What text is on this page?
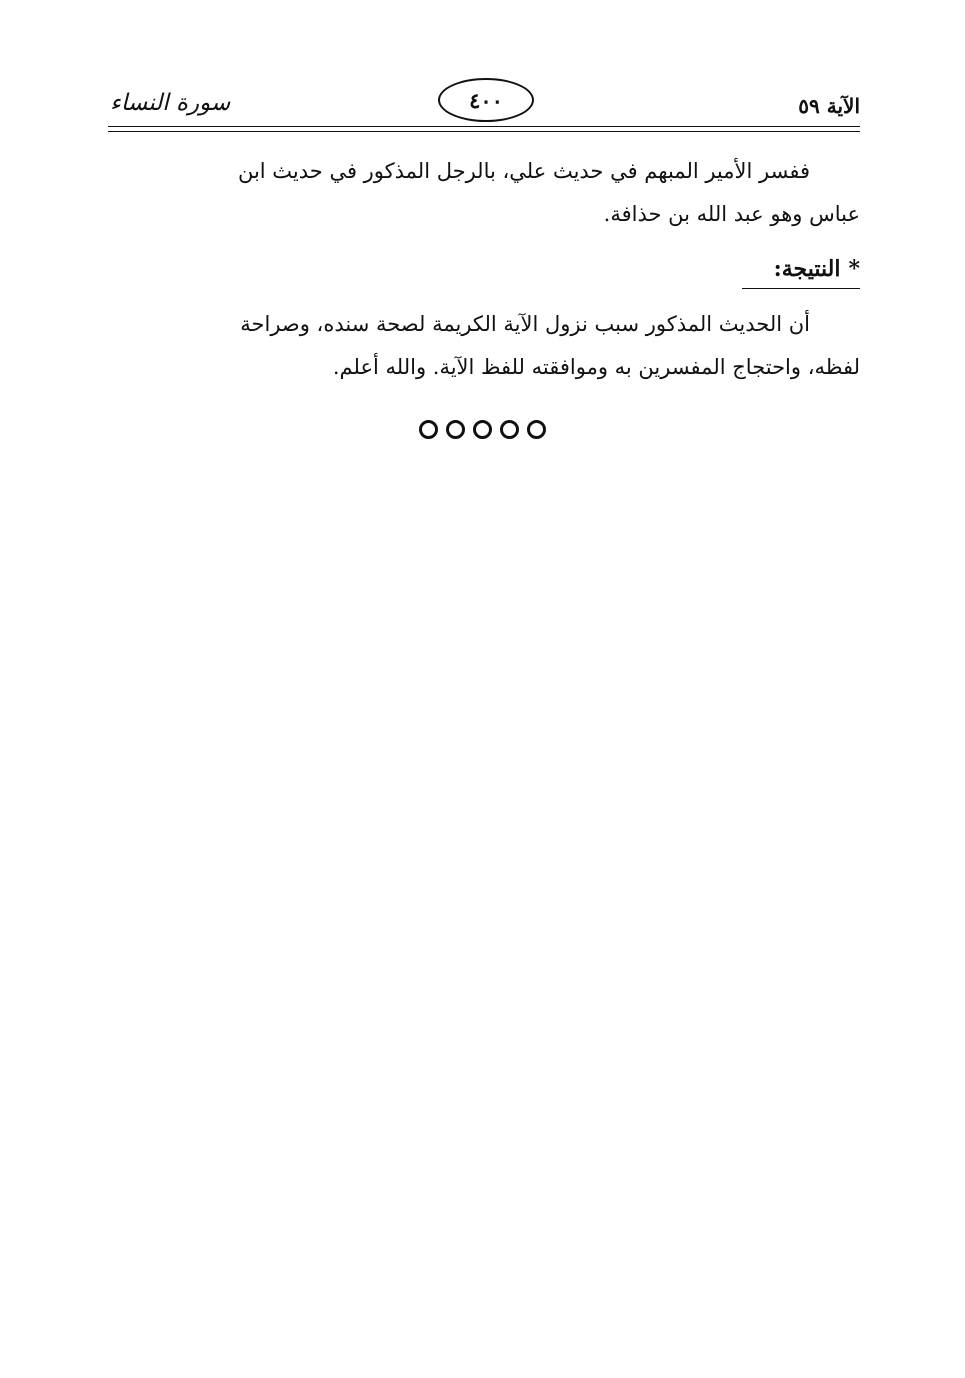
الآية ٥٩
٤٠٠
سورة النساء
ففسر الأمير المبهم في حديث علي، بالرجل المذكور في حديث ابن
عباس وهو عبد الله بن حذافة.
*النتيجة:
أن الحديث المذكور سبب نزول الآية الكريمة لصحة سنده، وصراحة
لفظه، واحتجاج المفسرين به وموافقته للفظ الآية. والله أعلم.
